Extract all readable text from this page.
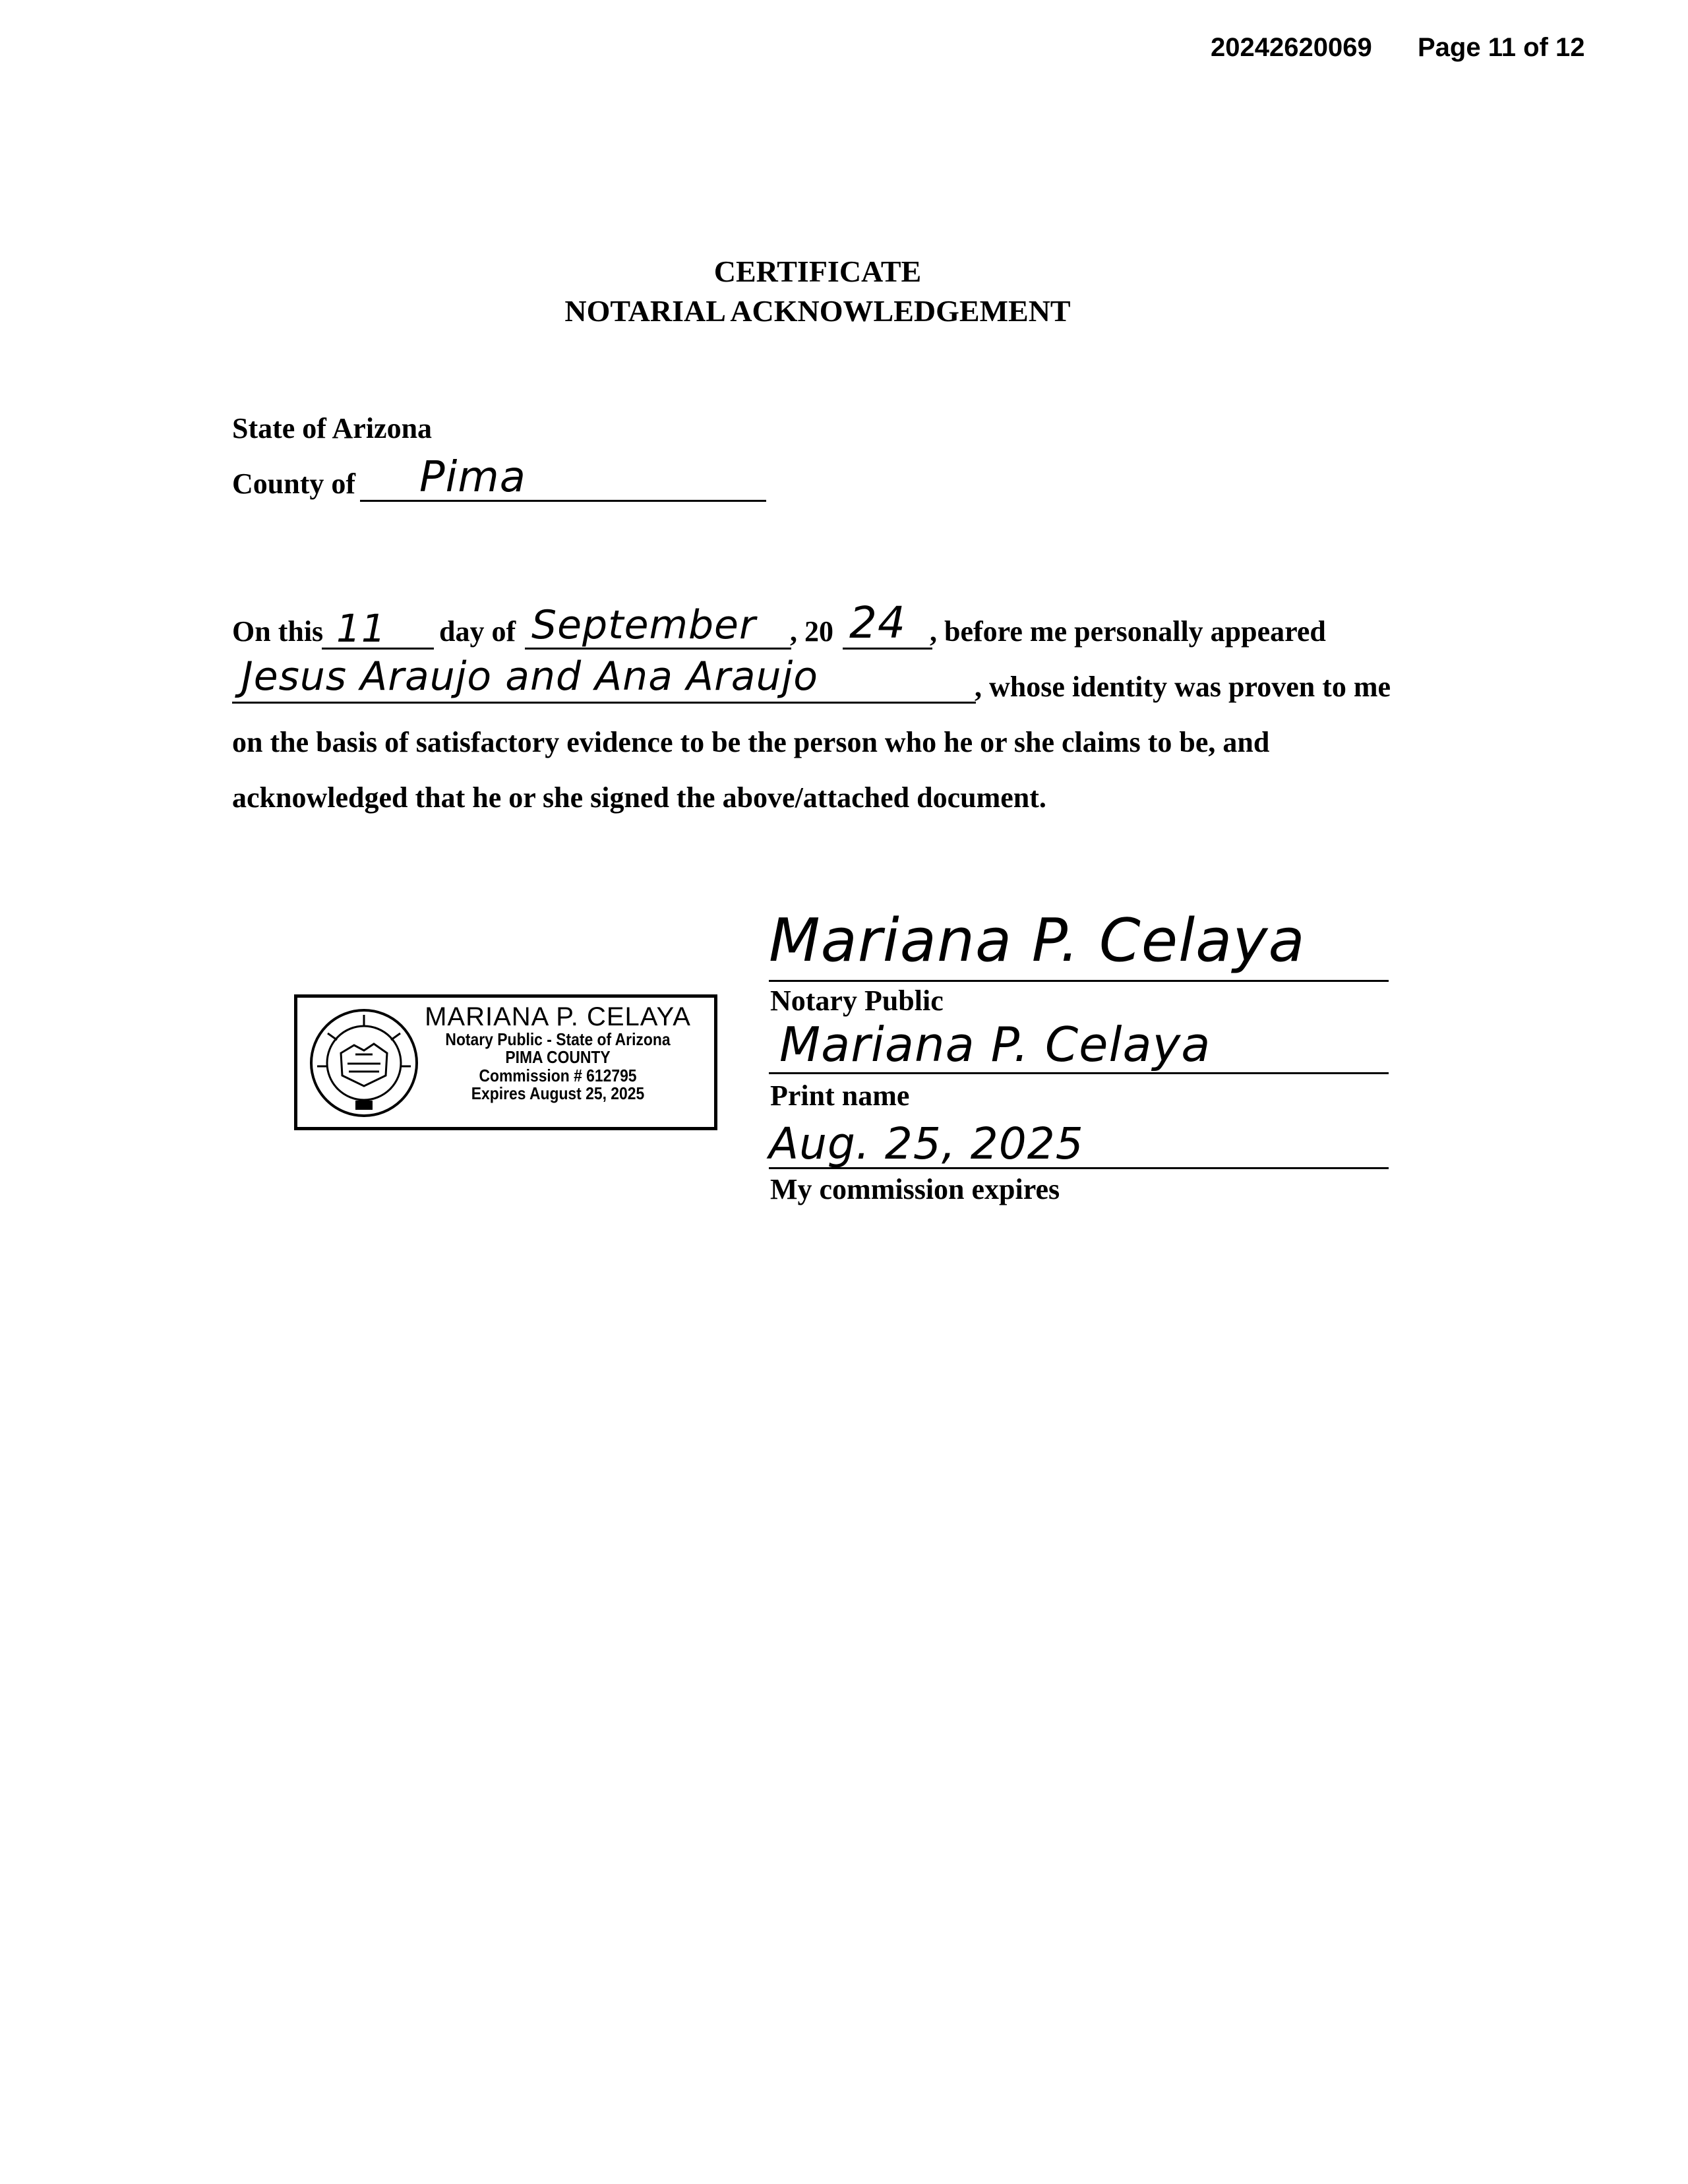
20242620069 Page 11 of 12
CERTIFICATE
NOTARIAL ACKNOWLEDGEMENT
State of Arizona
County of Pima
On this 11 day of September , 20 24 , before me personally appeared
Jesus Araujo and Ana Araujo	, whose identity was proven to me
on the basis of satisfactory evidence to be the person who he or she claims to be, and
acknowledged that he or she signed the above/attached document.
MARIANA P. CELAYA
Notary Public - State of Arizona
PIMA COUNTY
Commission # 612795
Expires August 25, 2025
Mariana P. Celaya
Notary Public
Mariana P. Celaya
Print name
Aug. 25, 2025
My commission expires
